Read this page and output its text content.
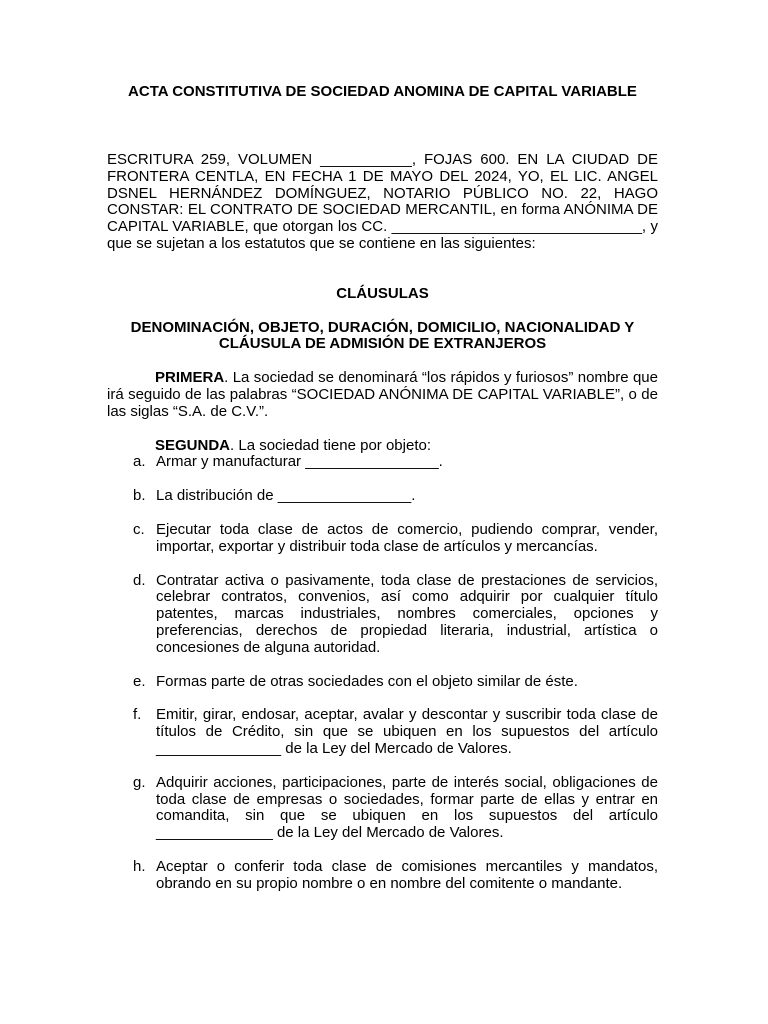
ACTA CONSTITUTIVA DE SOCIEDAD ANOMINA DE CAPITAL VARIABLE

ESCRITURA 259, VOLUMEN ___________, FOJAS 600. EN LA CIUDAD DE FRONTERA CENTLA, EN FECHA 1 DE MAYO DEL 2024, YO, EL LIC. ANGEL DSNEL HERNÁNDEZ DOMÍNGUEZ, NOTARIO PÚBLICO NO. 22, HAGO CONSTAR: EL CONTRATO DE SOCIEDAD MERCANTIL, en forma ANÓNIMA DE CAPITAL VARIABLE, que otorgan los CC. ______________________________, y que se sujetan a los estatutos que se contiene en las siguientes:

CLÁUSULAS
DENOMINACIÓN, OBJETO, DURACIÓN, DOMICILIO, NACIONALIDAD Y CLÁUSULA DE ADMISIÓN DE EXTRANJEROS

PRIMERA. La sociedad se denominará “los rápidos y furiosos” nombre que irá seguido de las palabras “SOCIEDAD ANÓNIMA DE CAPITAL VARIABLE”, o de las siglas “S.A. de C.V.”.

SEGUNDA. La sociedad tiene por objeto:

a. Armar y manufacturar ________________.
b. La distribución de ________________.
c. Ejecutar toda clase de actos de comercio, pudiendo comprar, vender, importar, exportar y distribuir toda clase de artículos y mercancías.
d. Contratar activa o pasivamente, toda clase de prestaciones de servicios, celebrar contratos, convenios, así como adquirir por cualquier título patentes, marcas industriales, nombres comerciales, opciones y preferencias, derechos de propiedad literaria, industrial, artística o concesiones de alguna autoridad.
e. Formas parte de otras sociedades con el objeto similar de éste.
f. Emitir, girar, endosar, aceptar, avalar y descontar y suscribir toda clase de títulos de Crédito, sin que se ubiquen en los supuestos del artículo _______________ de la Ley del Mercado de Valores.
g. Adquirir acciones, participaciones, parte de interés social, obligaciones de toda clase de empresas o sociedades, formar parte de ellas y entrar en comandita, sin que se ubiquen en los supuestos del artículo ______________ de la Ley del Mercado de Valores.
h. Aceptar o conferir toda clase de comisiones mercantiles y mandatos, obrando en su propio nombre o en nombre del comitente o mandante.
